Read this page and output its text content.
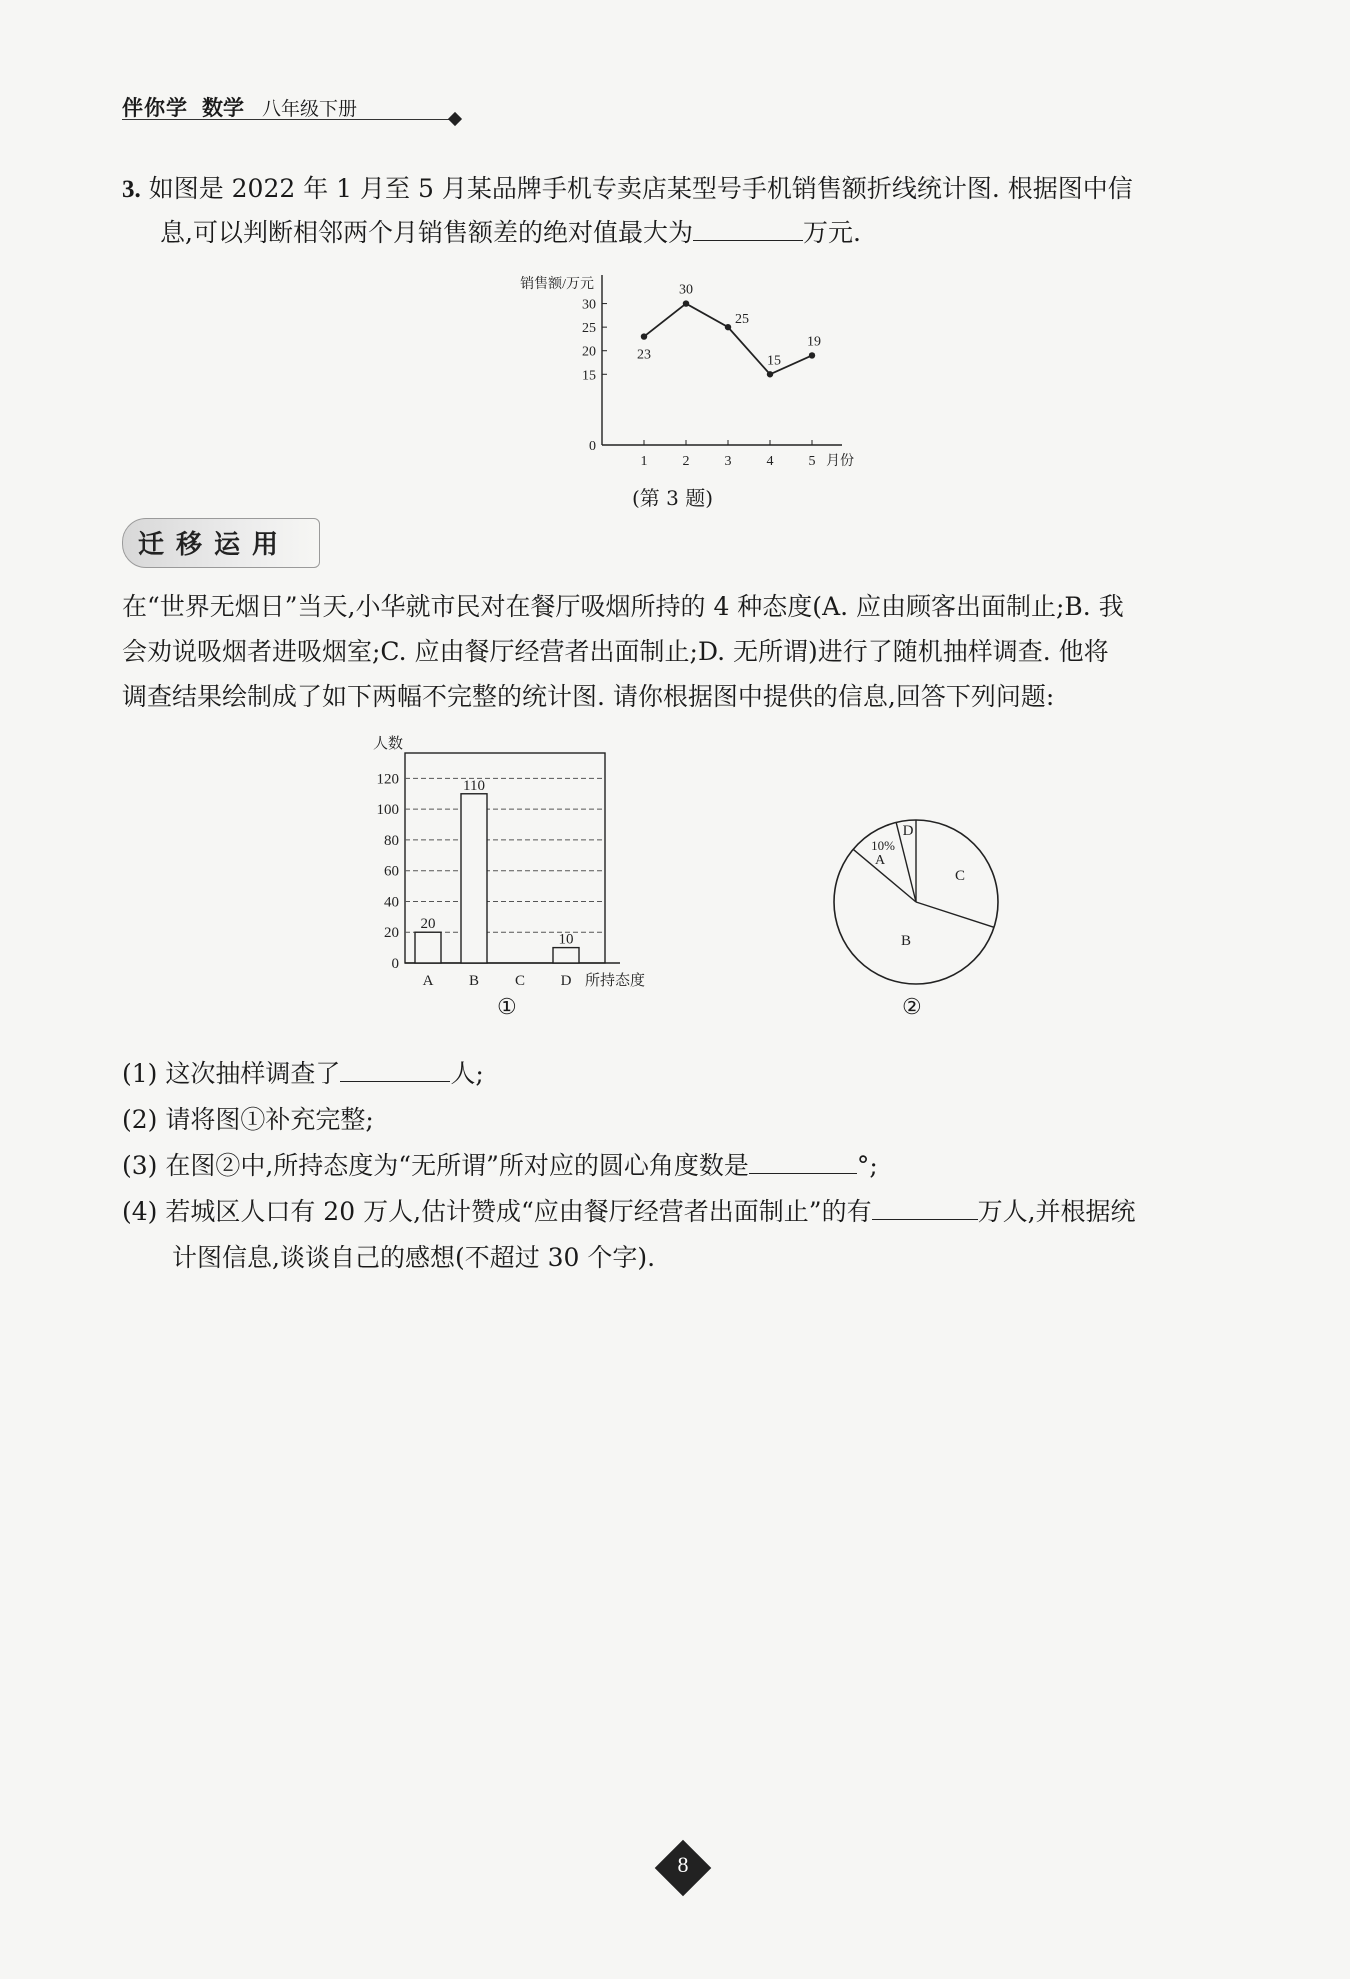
伴你学 数学 八年级下册
3. 如图是 2022 年 1 月至 5 月某品牌手机专卖店某型号手机销售额折线统计图. 根据图中信
息,可以判断相邻两个月销售额差的绝对值最大为	万元.
销售额/万元
月份
0
15
20
25
30
1	2	3	4	5
23
30
25
15
19
(第 3 题)
迁移运用
在“世界无烟日”当天,小华就市民对在餐厅吸烟所持的 4 种态度(A. 应由顾客出面制止;B. 我
会劝说吸烟者进吸烟室;C. 应由餐厅经营者出面制止;D. 无所谓)进行了随机抽样调查. 他将
调查结果绘制成了如下两幅不完整的统计图. 请你根据图中提供的信息,回答下列问题:
人数
所持态度
0
20
40
60
80
100
120
A
20
B
110
C D
10
①
D
10%
A
B
C
②
(1) 这次抽样调查了	人;
(2) 请将图①补充完整;
(3) 在图②中,所持态度为“无所谓”所对应的圆心角度数是	°;
(4) 若城区人口有 20 万人,估计赞成“应由餐厅经营者出面制止”的有	万人,并根据统
计图信息,谈谈自己的感想(不超过 30 个字).
8
